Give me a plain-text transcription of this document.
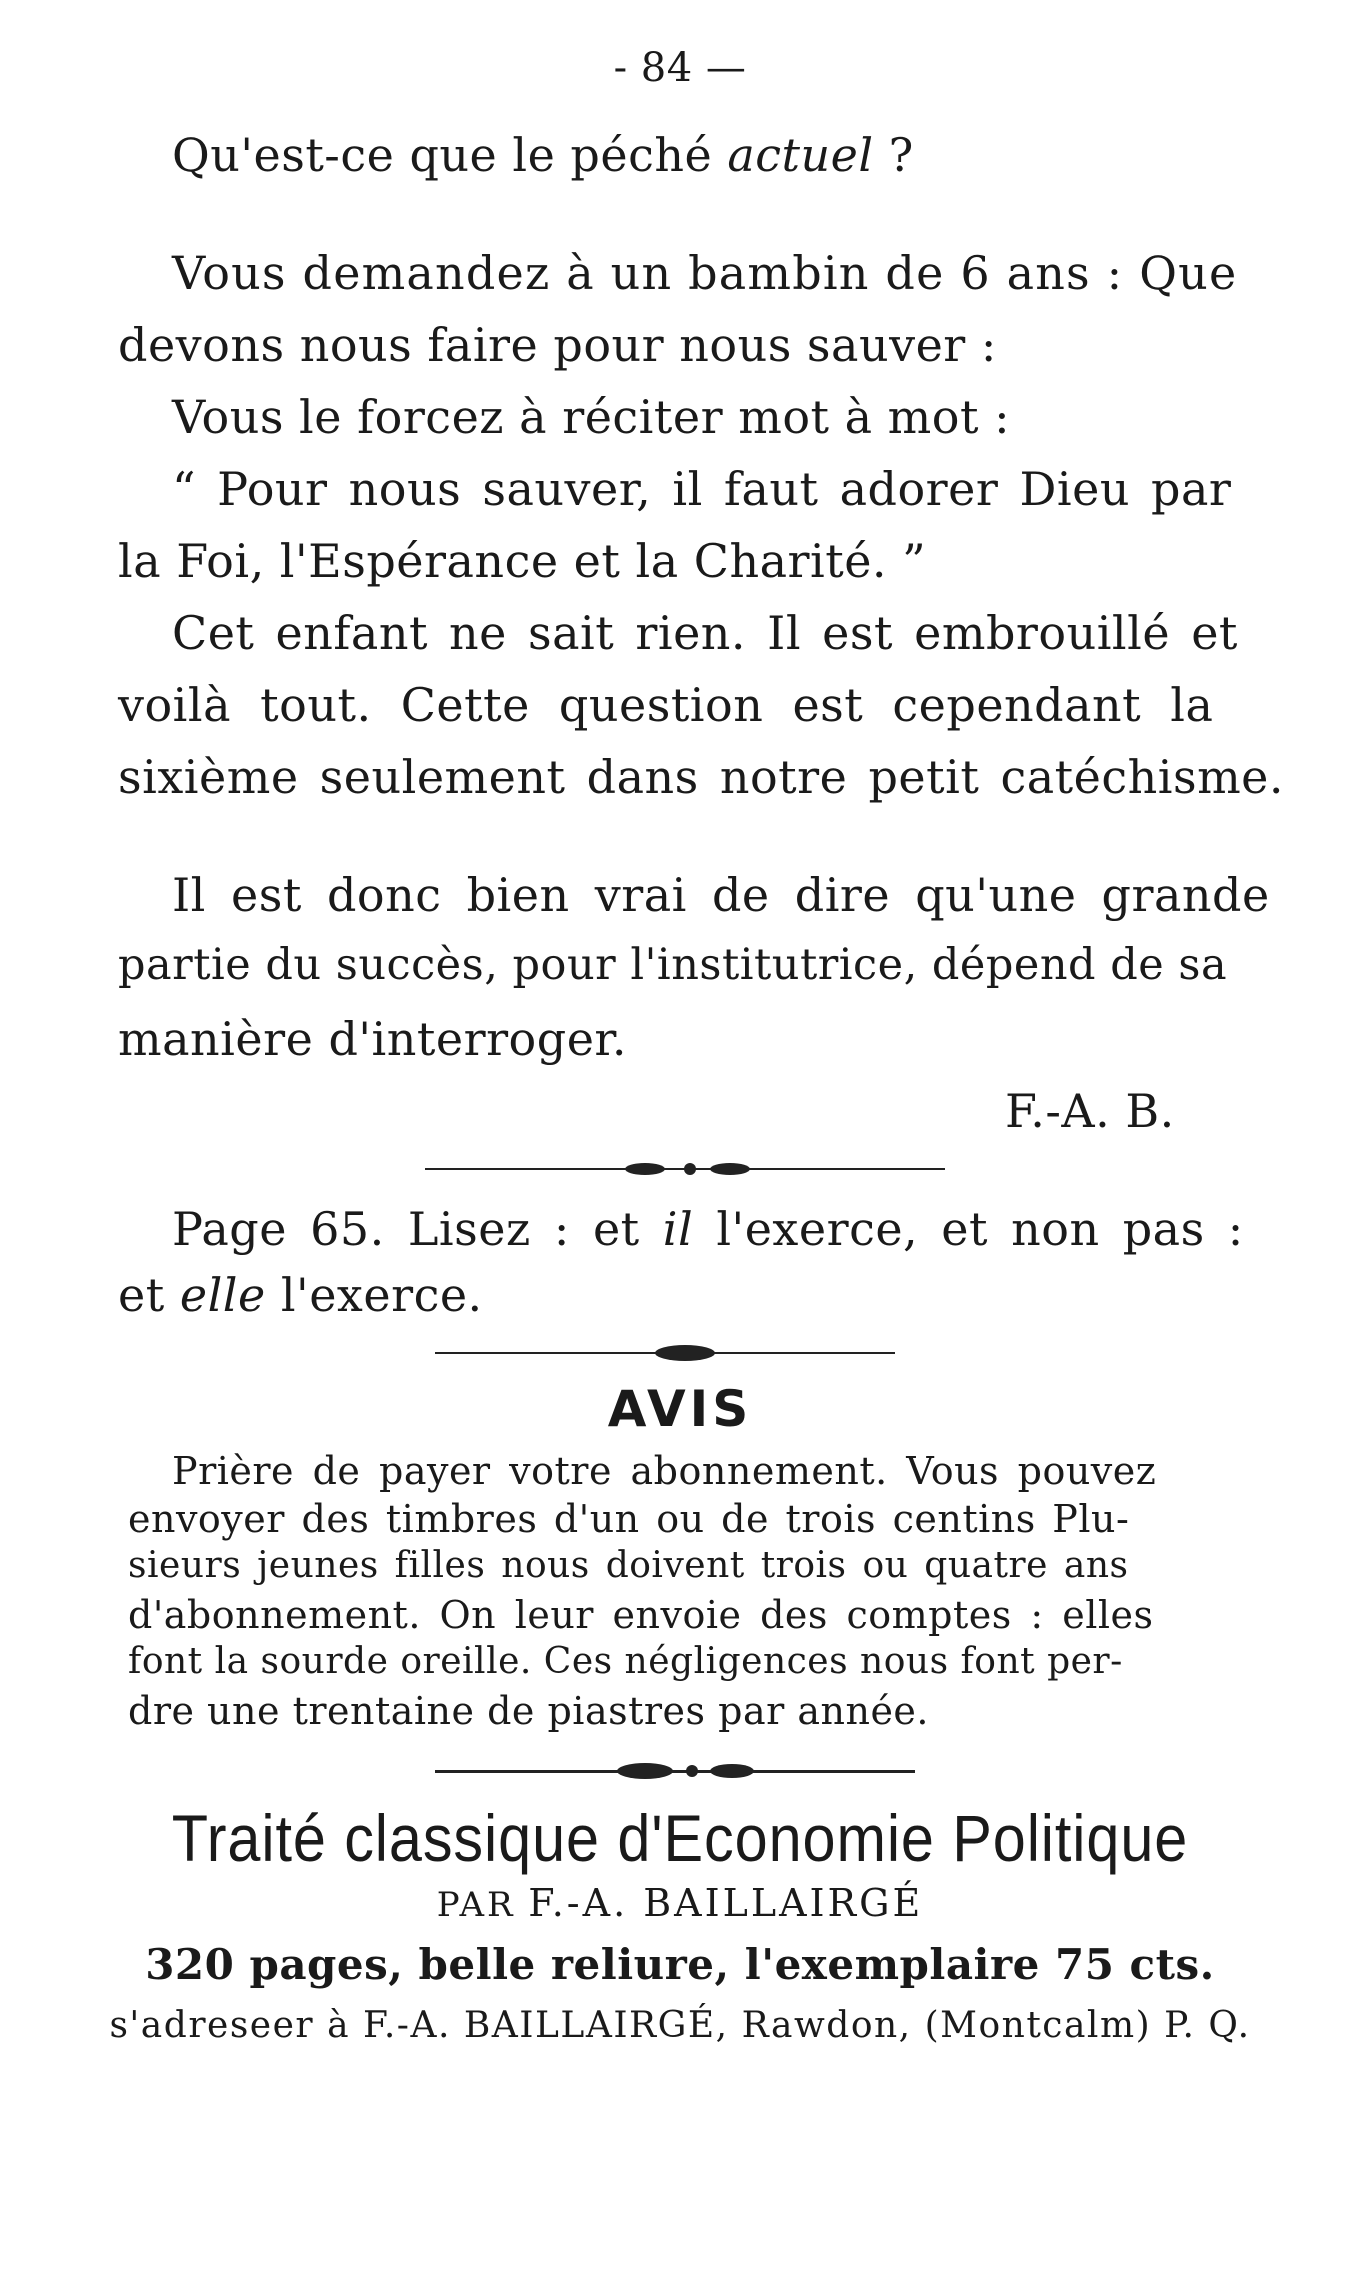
- 84 —
Qu'est-ce que le péché actuel ?
Vous demandez à un bambin de 6 ans : Que
devons nous faire pour nous sauver :
Vous le forcez à réciter mot à mot :
“ Pour nous sauver, il faut adorer Dieu par
la Foi, l'Espérance et la Charité. ”
Cet enfant ne sait rien. Il est embrouillé et
voilà tout. Cette question est cependant la
sixième seulement dans notre petit catéchisme.
Il est donc bien vrai de dire qu'une grande
partie du succès, pour l'institutrice, dépend de sa
manière d'interroger.
F.-A. B.
Page 65. Lisez : et il l'exerce, et non pas :
et elle l'exerce.
AVIS
Prière de payer votre abonnement. Vous pouvez
envoyer des timbres d'un ou de trois centins Plu-
sieurs jeunes filles nous doivent trois ou quatre ans
d'abonnement. On leur envoie des comptes : elles
font la sourde oreille. Ces négligences nous font per-
dre une trentaine de piastres par année.
Traité classique d'Economie Politique
PAR F.-A. BAILLAIRGÉ
320 pages, belle reliure, l'exemplaire 75 cts.
s'adreseer à F.-A. BAILLAIRGÉ, Rawdon, (Montcalm) P. Q.
